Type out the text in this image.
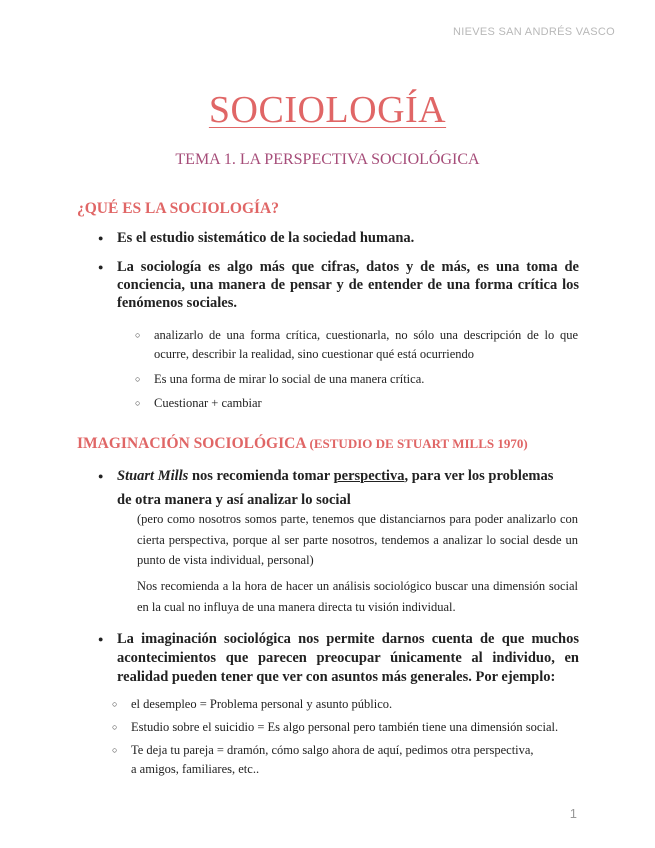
NIEVES SAN ANDRÉS VASCO
SOCIOLOGÍA
TEMA 1. LA PERSPECTIVA SOCIOLÓGICA
¿QUÉ ES LA SOCIOLOGÍA?
● Es el estudio sistemático de la sociedad humana.
● La sociología es algo más que cifras, datos y de más, es una toma de conciencia, una manera de pensar y de entender de una forma crítica los fenómenos sociales.
○ analizarlo de una forma crítica, cuestionarla, no sólo una descripción de lo que ocurre, describir la realidad, sino cuestionar qué está ocurriendo
○ Es una forma de mirar lo social de una manera crítica.
○ Cuestionar + cambiar
IMAGINACIÓN SOCIOLÓGICA (ESTUDIO DE STUART MILLS 1970)
● Stuart Mills nos recomienda tomar perspectiva, para ver los problemas
de otra manera y así analizar lo social
(pero como nosotros somos parte, tenemos que distanciarnos para poder analizarlo con cierta perspectiva, porque al ser parte nosotros, tendemos a analizar lo social desde un punto de vista individual, personal)
Nos recomienda a la hora de hacer un análisis sociológico buscar una dimensión social en la cual no influya de una manera directa tu visión individual.
● La imaginación sociológica nos permite darnos cuenta de que muchos acontecimientos que parecen preocupar únicamente al individuo, en realidad pueden tener que ver con asuntos más generales. Por ejemplo:
○ el desempleo = Problema personal y asunto público.
○ Estudio sobre el suicidio = Es algo personal pero también tiene una dimensión social.
○ Te deja tu pareja = dramón, cómo salgo ahora de aquí, pedimos otra perspectiva,
a amigos, familiares, etc..
1
